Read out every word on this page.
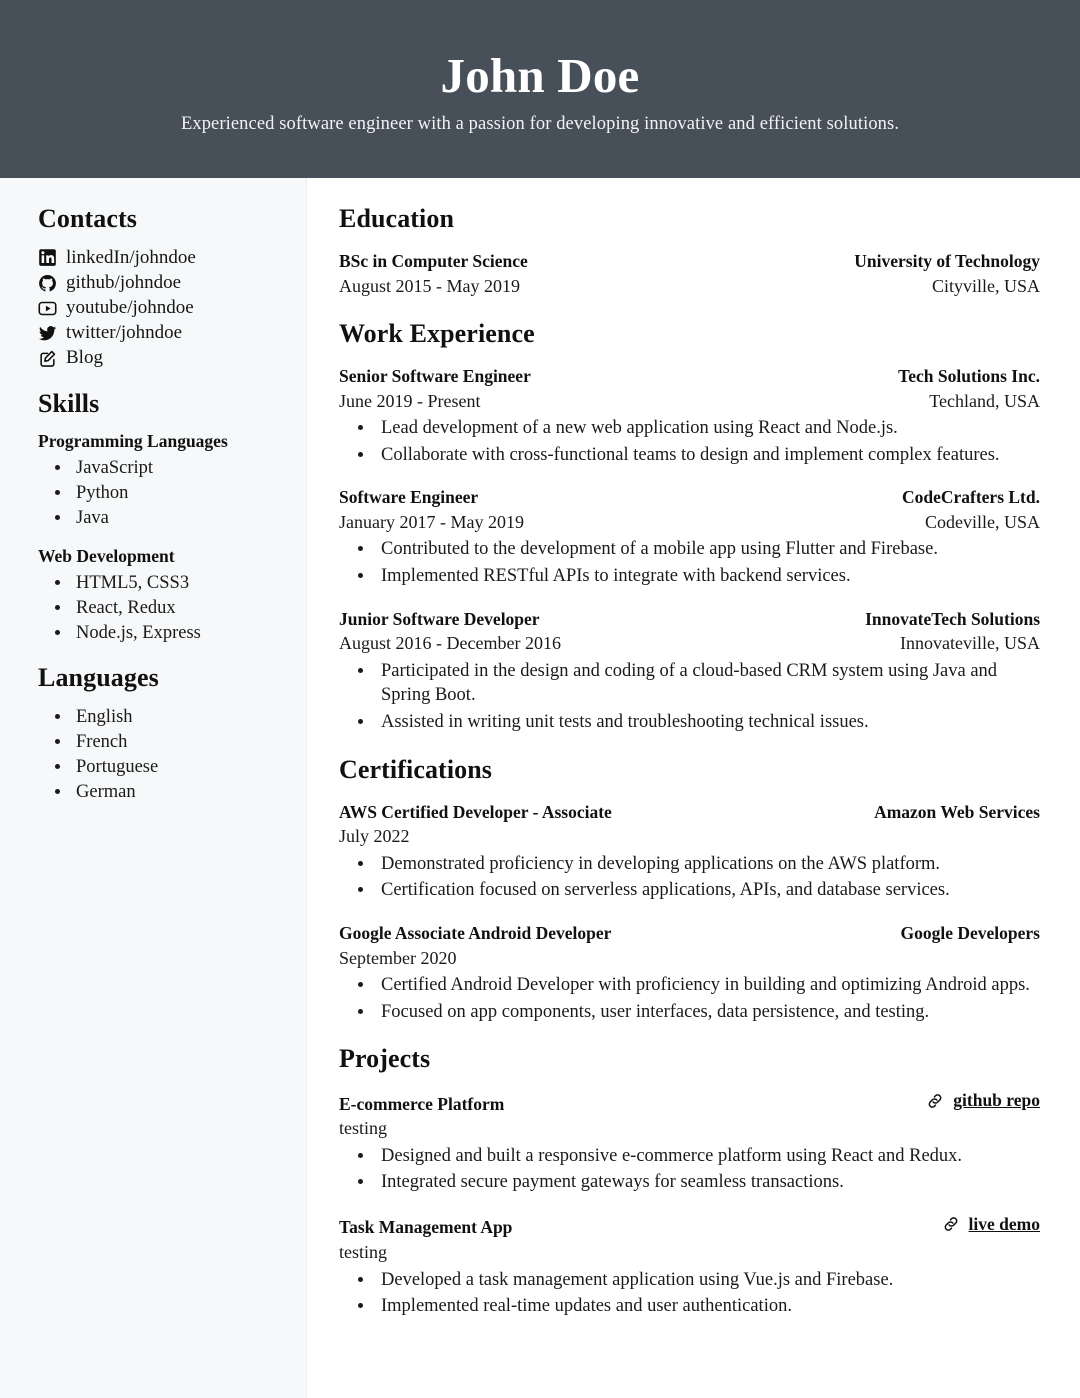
John Doe
Experienced software engineer with a passion for developing innovative and efficient solutions.
Contacts
linkedIn/johndoe
github/johndoe
youtube/johndoe
twitter/johndoe
Blog
Skills
Programming Languages
• JavaScript
• Python
• Java
Web Development
• HTML5, CSS3
• React, Redux
• Node.js, Express
Languages
• English
• French
• Portuguese
• German
Education
BSc in Computer Science	University of Technology
August 2015 - May 2019	Cityville, USA
Work Experience
Senior Software Engineer	Tech Solutions Inc.
June 2019 - Present	Techland, USA
• Lead development of a new web application using React and Node.js.
• Collaborate with cross-functional teams to design and implement complex features.
Software Engineer	CodeCrafters Ltd.
January 2017 - May 2019	Codeville, USA
• Contributed to the development of a mobile app using Flutter and Firebase.
• Implemented RESTful APIs to integrate with backend services.
Junior Software Developer	InnovateTech Solutions
August 2016 - December 2016	Innovateville, USA
• Participated in the design and coding of a cloud-based CRM system using Java and Spring Boot.
• Assisted in writing unit tests and troubleshooting technical issues.
Certifications
AWS Certified Developer - Associate	Amazon Web Services
July 2022
• Demonstrated proficiency in developing applications on the AWS platform.
• Certification focused on serverless applications, APIs, and database services.
Google Associate Android Developer	Google Developers
September 2020
• Certified Android Developer with proficiency in building and optimizing Android apps.
• Focused on app components, user interfaces, data persistence, and testing.
Projects
E-commerce Platform	github repo
testing
• Designed and built a responsive e-commerce platform using React and Redux.
• Integrated secure payment gateways for seamless transactions.
Task Management App	live demo
testing
• Developed a task management application using Vue.js and Firebase.
• Implemented real-time updates and user authentication.
